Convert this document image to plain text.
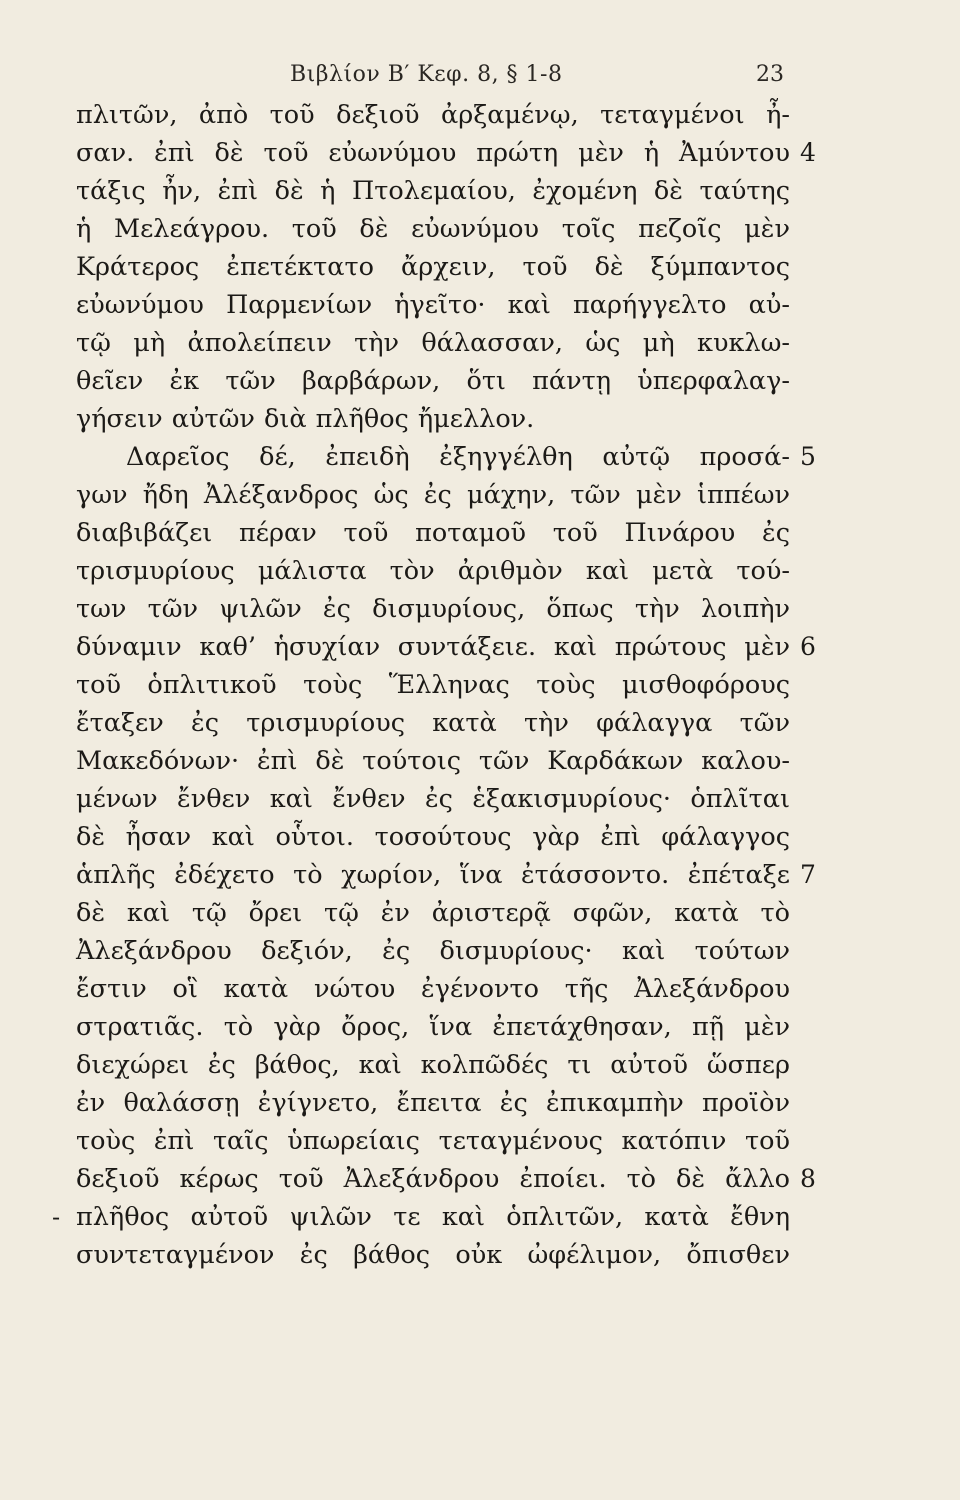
Βιβλίον Β′ Κεφ. 8, § 1-8	23
πλιτῶν, ἀπὸ τοῦ δεξιοῦ ἀρξαμένῳ, τεταγμένοι ἦ-
σαν. ἐπὶ δὲ τοῦ εὐωνύμου πρώτη μὲν ἡ Ἀμύντου 4
τάξις ἦν, ἐπὶ δὲ ἡ Πτολεμαίου, ἐχομένη δὲ ταύτης
ἡ Μελεάγρου. τοῦ δὲ εὐωνύμου τοῖς πεζοῖς μὲν
Κράτερος ἐπετέκτατο ἄρχειν, τοῦ δὲ ξύμπαντος
εὐωνύμου Παρμενίων ἡγεῖτο· καὶ παρήγγελτο αὐ-
τῷ μὴ ἀπολείπειν τὴν θάλασσαν, ὡς μὴ κυκλω-
θεῖεν ἐκ τῶν βαρβάρων, ὅτι πάντῃ ὑπερφαλαγ-
γήσειν αὐτῶν διὰ πλῆθος ἤμελλον.
Δαρεῖος δέ, ἐπειδὴ ἐξηγγέλθη αὐτῷ προσά- 5
γων ἤδη Ἀλέξανδρος ὡς ἐς μάχην, τῶν μὲν ἱππέων
διαβιβάζει πέραν τοῦ ποταμοῦ τοῦ Πινάρου ἐς
τρισμυρίους μάλιστα τὸν ἀριθμὸν καὶ μετὰ τού-
των τῶν ψιλῶν ἐς δισμυρίους, ὅπως τὴν λοιπὴν
δύναμιν καθ’ ἡσυχίαν συντάξειε. καὶ πρώτους μὲν 6
τοῦ ὁπλιτικοῦ τοὺς Ἕλληνας τοὺς μισθοφόρους
ἔταξεν ἐς τρισμυρίους κατὰ τὴν φάλαγγα τῶν
Μακεδόνων· ἐπὶ δὲ τούτοις τῶν Καρδάκων καλου-
μένων ἔνθεν καὶ ἔνθεν ἐς ἑξακισμυρίους· ὁπλῖται
δὲ ἦσαν καὶ οὗτοι. τοσούτους γὰρ ἐπὶ φάλαγγος
ἁπλῆς ἐδέχετο τὸ χωρίον, ἵνα ἐτάσσοντο. ἐπέταξε 7
δὲ καὶ τῷ ὄρει τῷ ἐν ἀριστερᾷ σφῶν, κατὰ τὸ
Ἀλεξάνδρου δεξιόν, ἐς δισμυρίους· καὶ τούτων
ἔστιν οἳ κατὰ νώτου ἐγένοντο τῆς Ἀλεξάνδρου
στρατιᾶς. τὸ γὰρ ὄρος, ἵνα ἐπετάχθησαν, πῇ μὲν
διεχώρει ἐς βάθος, καὶ κολπῶδές τι αὐτοῦ ὥσπερ
ἐν θαλάσσῃ ἐγίγνετο, ἔπειτα ἐς ἐπικαμπὴν προϊὸν
τοὺς ἐπὶ ταῖς ὑπωρείαις τεταγμένους κατόπιν τοῦ
δεξιοῦ κέρως τοῦ Ἀλεξάνδρου ἐποίει. τὸ δὲ ἄλλο 8
- πλῆθος αὐτοῦ ψιλῶν τε καὶ ὁπλιτῶν, κατὰ ἔθνη
συντεταγμένον ἐς βάθος οὐκ ὠφέλιμον, ὄπισθεν
